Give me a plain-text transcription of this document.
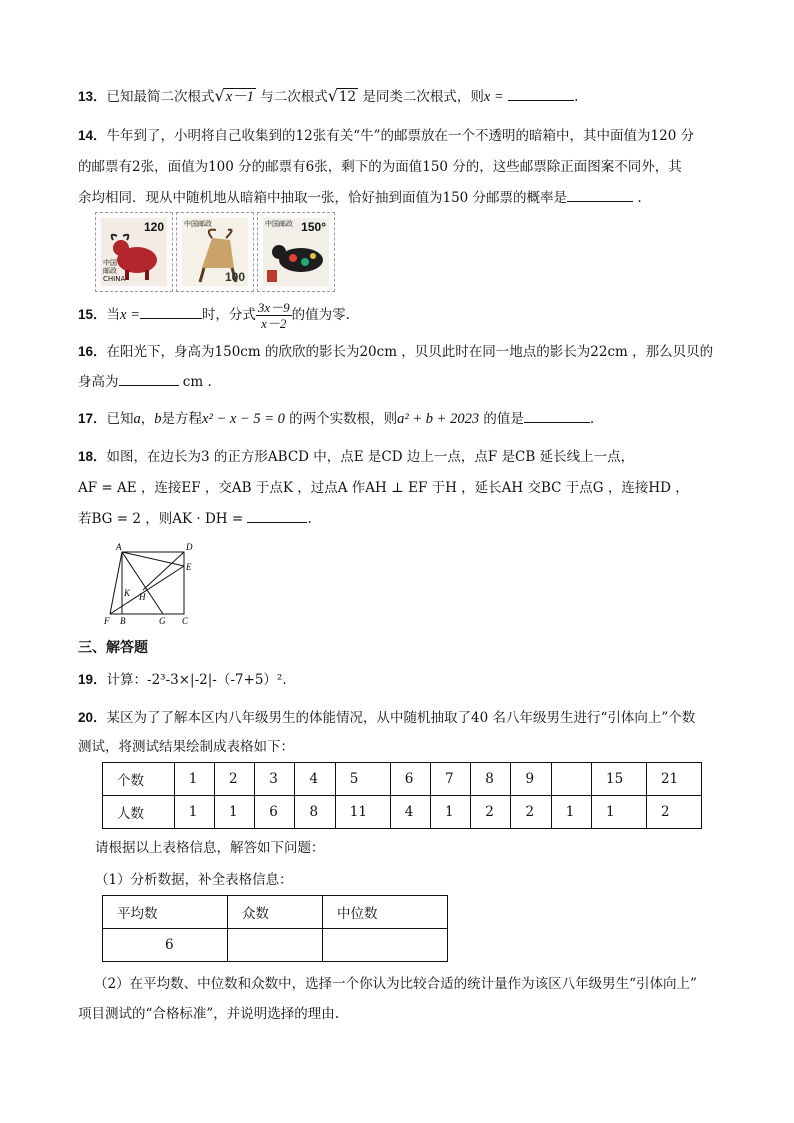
13．已知最简二次根式√x－1 与二次根式√12 是同类二次根式，则x =	.
14．牛年到了，小明将自己收集到的12张有关“牛”的邮票放在一个不透明的暗箱中，其中面值为120 分
的邮票有2张，面值为100 分的邮票有6张，剩下的为面值150 分的，这些邮票除正面图案不同外，其
余均相同．现从中随机地从暗箱中抽取一张，恰好抽到面值为150 分邮票的概率是	.
120
中国邮政 CHINA
中国邮政
100
中国邮政 150°
15．当x =	时，分式 $\frac{3x-9}{x-2}$ 的值为零.
16．在阳光下，身高为150cm 的欣欣的影长为20cm ，贝贝此时在同一地点的影长为22cm ，那么贝贝的
身高为	cm .
17．已知a，b是方程x² − x − 5 = 0 的两个实数根，则a² + b + 2023 的值是	.
18．如图，在边长为3 的正方形ABCD 中，点E 是CD 边上一点，点F 是CB 延长线上一点，
AF = AE ，连接EF ，交AB 于点K ，过点A 作AH ⊥ EF 于H ，延长AH 交BC 于点G ，连接HD ，
若BG = 2 ，则AK · DH =	.
A	D
E
K H
F B	G C
三、解答题
19．计算：-2³-3×|-2|-（-7+5）².
20．某区为了了解本区内八年级男生的体能情况，从中随机抽取了40 名八年级男生进行“引体向上”个数
测试，将测试结果绘制成表格如下：
个数	1	2	3	4	5	6	7	8	9		15	21
人数	1	1	6	8	11	4	1	2	2	1	1	2
请根据以上表格信息，解答如下问题：
（1）分析数据，补全表格信息：
平均数	众数	中位数
6		
（2）在平均数、中位数和众数中，选择一个你认为比较合适的统计量作为该区八年级男生“引体向上”
项目测试的“合格标准”，并说明选择的理由.
